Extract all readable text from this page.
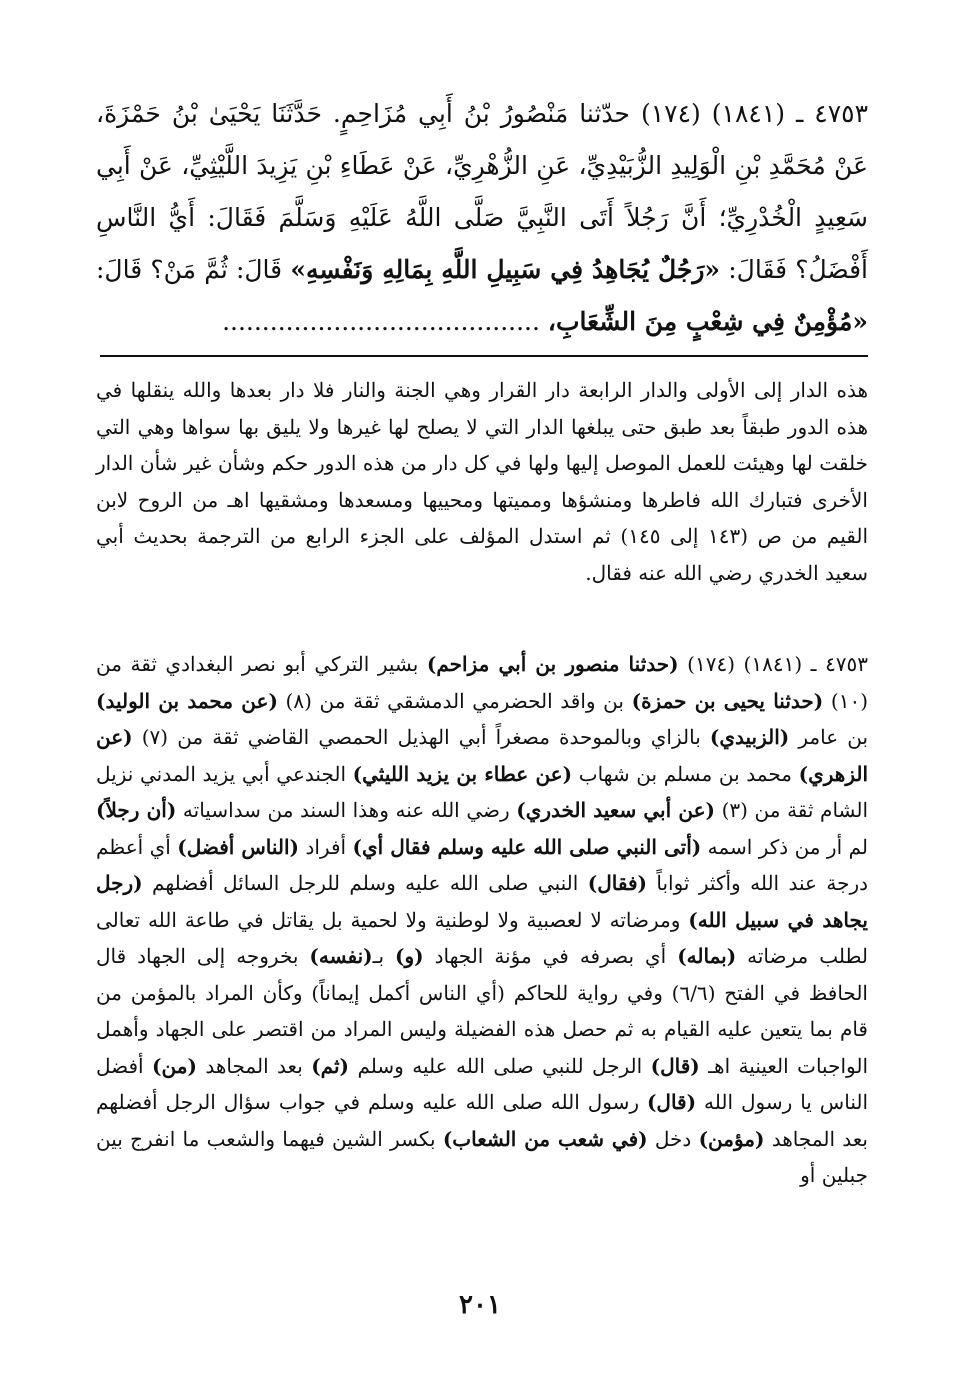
٤٧٥٣ ـ (١٨٤١) (١٧٤) حدّثنا مَنْصُورُ بْنُ أَبِي مُزَاحِمٍ. حَدَّثَنَا يَحْيَىٰ بْنُ حَمْزَةَ، عَنْ مُحَمَّدِ بْنِ الْوَلِيدِ الزُّبَيْدِيِّ، عَنِ الزُّهْرِيِّ، عَنْ عَطَاءِ بْنِ يَزِيدَ اللَّيْثِيِّ، عَنْ أَبِي سَعِيدٍ الْخُدْرِيِّ؛ أَنَّ رَجُلاً أَتَى النَّبِيَّ صَلَّى اللَّهُ عَلَيْهِ وَسَلَّمَ فَقَالَ: أَيُّ النَّاسِ أَفْضَلُ؟ فَقَالَ: «رَجُلٌ يُجَاهِدُ فِي سَبِيلِ اللَّهِ بِمَالِهِ وَنَفْسِهِ» قَالَ: ثُمَّ مَنْ؟ قَالَ: «مُؤْمِنٌ فِي شِعْبٍ مِنَ الشِّعَابِ، ........................................

هذه الدار إلى الأولى والدار الرابعة دار القرار وهي الجنة والنار فلا دار بعدها والله ينقلها في هذه الدور طبقاً بعد طبق حتى يبلغها الدار التي لا يصلح لها غيرها ولا يليق بها سواها وهي التي خلقت لها وهيئت للعمل الموصل إليها ولها في كل دار من هذه الدور حكم وشأن غير شأن الدار الأخرى فتبارك الله فاطرها ومنشؤها ومميتها ومحييها ومسعدها ومشقيها اهـ من الروح لابن القيم من ص (١٤٣ إلى ١٤٥) ثم استدل المؤلف على الجزء الرابع من الترجمة بحديث أبي سعيد الخدري رضي الله عنه فقال.

٤٧٥٣ ـ (١٨٤١) (١٧٤) (حدثنا منصور بن أبي مزاحم) بشير التركي أبو نصر البغدادي ثقة من (١٠) (حدثنا يحيى بن حمزة) بن واقد الحضرمي الدمشقي ثقة من (٨) (عن محمد بن الوليد) بن عامر (الزبيدي) بالزاي وبالموحدة مصغراً أبي الهذيل الحمصي القاضي ثقة من (٧) (عن الزهري) محمد بن مسلم بن شهاب (عن عطاء بن يزيد الليثي) الجندعي أبي يزيد المدني نزيل الشام ثقة من (٣) (عن أبي سعيد الخدري) رضي الله عنه وهذا السند من سداسياته (أن رجلاً) لم أر من ذكر اسمه (أتى النبي صلى الله عليه وسلم فقال أي) أفراد (الناس أفضل) أي أعظم درجة عند الله وأكثر ثواباً (فقال) النبي صلى الله عليه وسلم للرجل السائل أفضلهم (رجل يجاهد في سبيل الله) ومرضاته لا لعصبية ولا لوطنية ولا لحمية بل يقاتل في طاعة الله تعالى لطلب مرضاته (بماله) أي بصرفه في مؤنة الجهاد (و) بـ(نفسه) بخروجه إلى الجهاد قال الحافظ في الفتح (٦/٦) وفي رواية للحاكم (أي الناس أكمل إيماناً) وكأن المراد بالمؤمن من قام بما يتعين عليه القيام به ثم حصل هذه الفضيلة وليس المراد من اقتصر على الجهاد وأهمل الواجبات العينية اهـ (قال) الرجل للنبي صلى الله عليه وسلم (ثم) بعد المجاهد (من) أفضل الناس يا رسول الله (قال) رسول الله صلى الله عليه وسلم في جواب سؤال الرجل أفضلهم بعد المجاهد (مؤمن) دخل (في شعب من الشعاب) بكسر الشين فيهما والشعب ما انفرج بين جبلين أو

٢٠١
